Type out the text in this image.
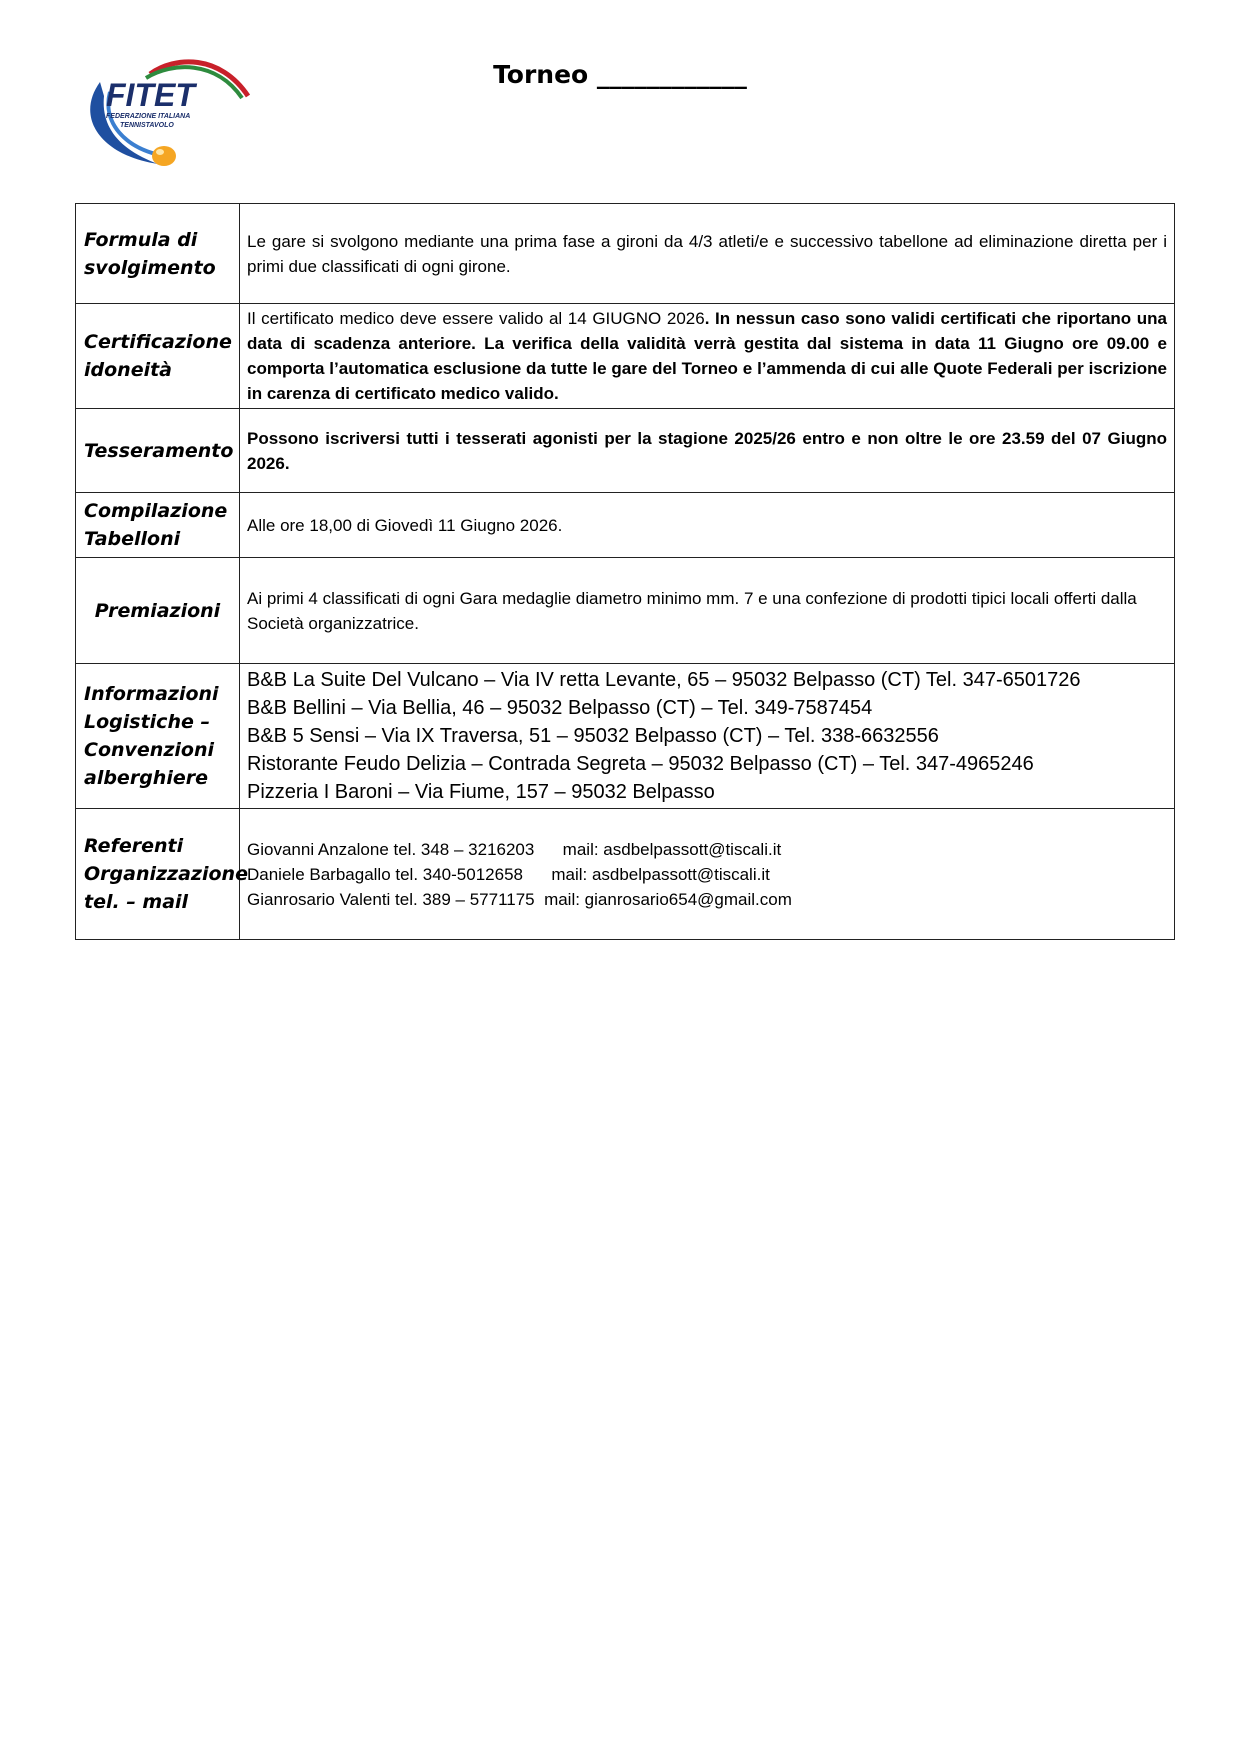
FITET
FEDERAZIONE ITALIANA
TENNISTAVOLO
Torneo ____________
Formula di svolgimento	Le gare si svolgono mediante una prima fase a gironi da 4/3 atleti/e e successivo tabellone ad eliminazione diretta per i primi due classificati di ogni girone.
Certificazione idoneità	Il certificato medico deve essere valido al 14 GIUGNO 2026. In nessun caso sono validi certificati che riportano una data di scadenza anteriore. La verifica della validità verrà gestita dal sistema in data 11 Giugno ore 09.00 e comporta l’automatica esclusione da tutte le gare del Torneo e l’ammenda di cui alle Quote Federali per iscrizione in carenza di certificato medico valido.
Tesseramento	Possono iscriversi tutti i tesserati agonisti per la stagione 2025/26 entro e non oltre le ore 23.59 del 07 Giugno 2026.
Compilazione Tabelloni	Alle ore 18,00 di Giovedì 11 Giugno 2026.
Premiazioni	Ai primi 4 classificati di ogni Gara medaglie diametro minimo mm. 7 e una confezione di prodotti tipici locali offerti dalla Società organizzatrice.
Informazioni Logistiche – Convenzioni alberghiere	B&B La Suite Del Vulcano – Via IV retta Levante, 65 – 95032 Belpasso (CT) Tel. 347-6501726
B&B Bellini – Via Bellia, 46 – 95032 Belpasso (CT) – Tel. 349-7587454
B&B 5 Sensi – Via IX Traversa, 51 – 95032 Belpasso (CT) – Tel. 338-6632556
Ristorante Feudo Delizia – Contrada Segreta – 95032 Belpasso (CT) – Tel. 347-4965246
Pizzeria I Baroni – Via Fiume, 157 – 95032 Belpasso

Referenti Organizzazione tel. – mail	Giovanni Anzalone tel. 348 – 3216203      mail: asdbelpassott@tiscali.it
Daniele Barbagallo tel. 340-5012658      mail: asdbelpassott@tiscali.it
Gianrosario Valenti tel. 389 – 5771175  mail: gianrosario654@gmail.com
